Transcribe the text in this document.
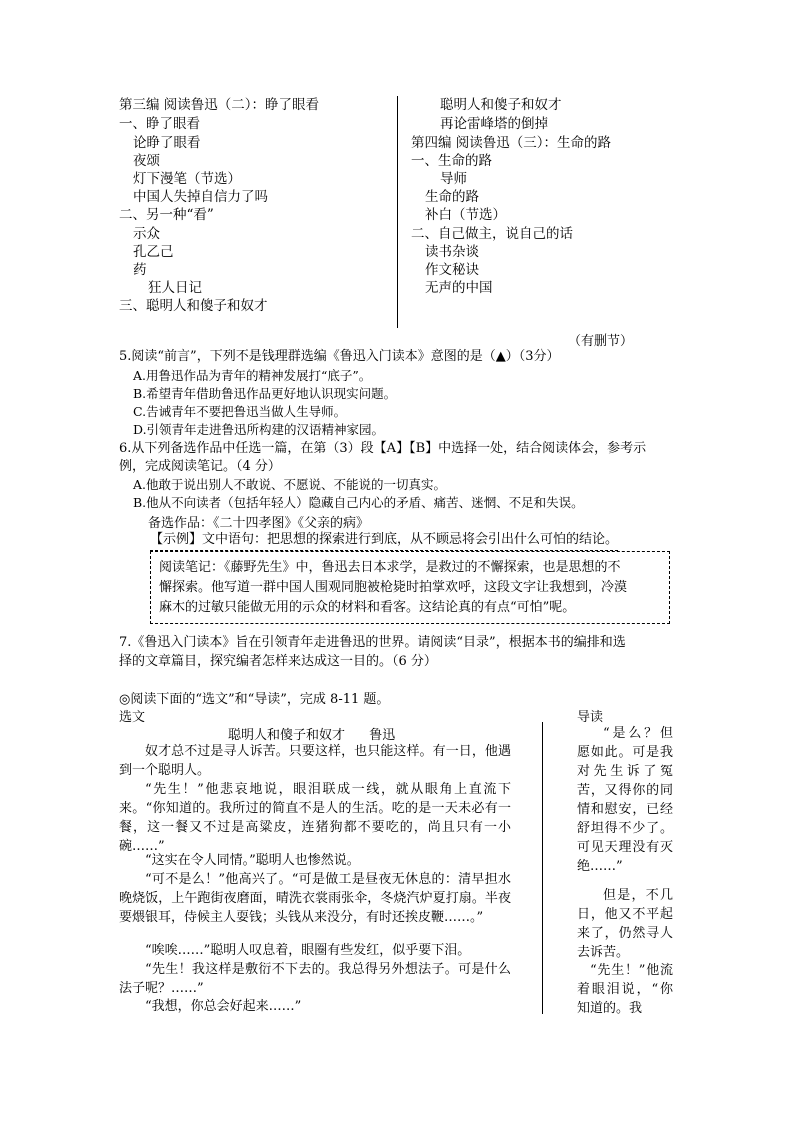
第三编 阅读鲁迅（二）：睁了眼看
一、睁了眼看
论睁了眼看
夜颂
灯下漫笔（节选）
中国人失掉自信力了吗
二、另一种“看”
示众
孔乙己
药
狂人日记
三、聪明人和傻子和奴才
聪明人和傻子和奴才
再论雷峰塔的倒掉
第四编 阅读鲁迅（三）：生命的路
一、生命的路
导师
生命的路
补白（节选）
二、自己做主，说自己的话
读书杂谈
作文秘诀
无声的中国
（有删节）
5.阅读“前言”，下列不是钱理群选编《鲁迅入门读本》意图的是（▲）（3分）
A.用鲁迅作品为青年的精神发展打“底子”。
B.希望青年借助鲁迅作品更好地认识现实问题。
C.告诫青年不要把鲁迅当做人生导师。
D.引领青年走进鲁迅所构建的汉语精神家园。
6.从下列备选作品中任选一篇，在第（3）段【A】【B】中选择一处，结合阅读体会，参考示
例，完成阅读笔记。（4 分）
A.他敢于说出别人不敢说、不愿说、不能说的一切真实。
B.他从不向读者（包括年轻人）隐藏自己内心的矛盾、痛苦、迷惘、不足和失误。
备选作品：《二十四孝图》《父亲的病》
【示例】文中语句：把思想的探索进行到底，从不顾忌将会引出什么可怕的结论。
阅读笔记：《藤野先生》中，鲁迅去日本求学，是救过的不懈探索，也是思想的不
懈探索。他写道一群中国人围观同胞被枪毙时拍掌欢呼，这段文字让我想到，冷漠
麻木的过敏只能做无用的示众的材料和看客。这结论真的有点“可怕”呢。
7.《鲁迅入门读本》旨在引领青年走进鲁迅的世界。请阅读“目录”，根据本书的编排和选
择的文章篇目，探究编者怎样来达成这一目的。（6 分）
◎阅读下面的“选文”和“导读”，完成 8-11 题。
选文	导读
聪明人和傻子和奴才 鲁迅
奴才总不过是寻人诉苦。只要这样，也只能这样。有一日，他遇到一个聪明人。
“先生！”他悲哀地说，眼泪联成一线，就从眼角上直流下来。“你知道的。我所过的简直不是人的生活。吃的是一天未必有一餐，这一餐又不过是高粱皮，连猪狗都不要吃的，尚且只有一小碗……”
“这实在令人同情。”聪明人也惨然说。
“可不是么！”他高兴了。“可是做工是昼夜无休息的：清早担水晚烧饭，上午跑街夜磨面，晴洗衣裳雨张伞，冬烧汽炉夏打扇。半夜要煨银耳，侍候主人耍钱；头钱从来没分，有时还挨皮鞭……。”
“唉唉……”聪明人叹息着，眼圈有些发红，似乎要下泪。
“先生！我这样是敷衍不下去的。我总得另外想法子。可是什么法子呢？……”
“我想，你总会好起来……”
“是么？但愿如此。可是我对先生诉了冤苦，又得你的同情和慰安，已经舒坦得不少了。可见天理没有灭绝……”
但是，不几日，他又不平起来了，仍然寻人去诉苦。
“先生！”他流着眼泪说，“你知道的。我
